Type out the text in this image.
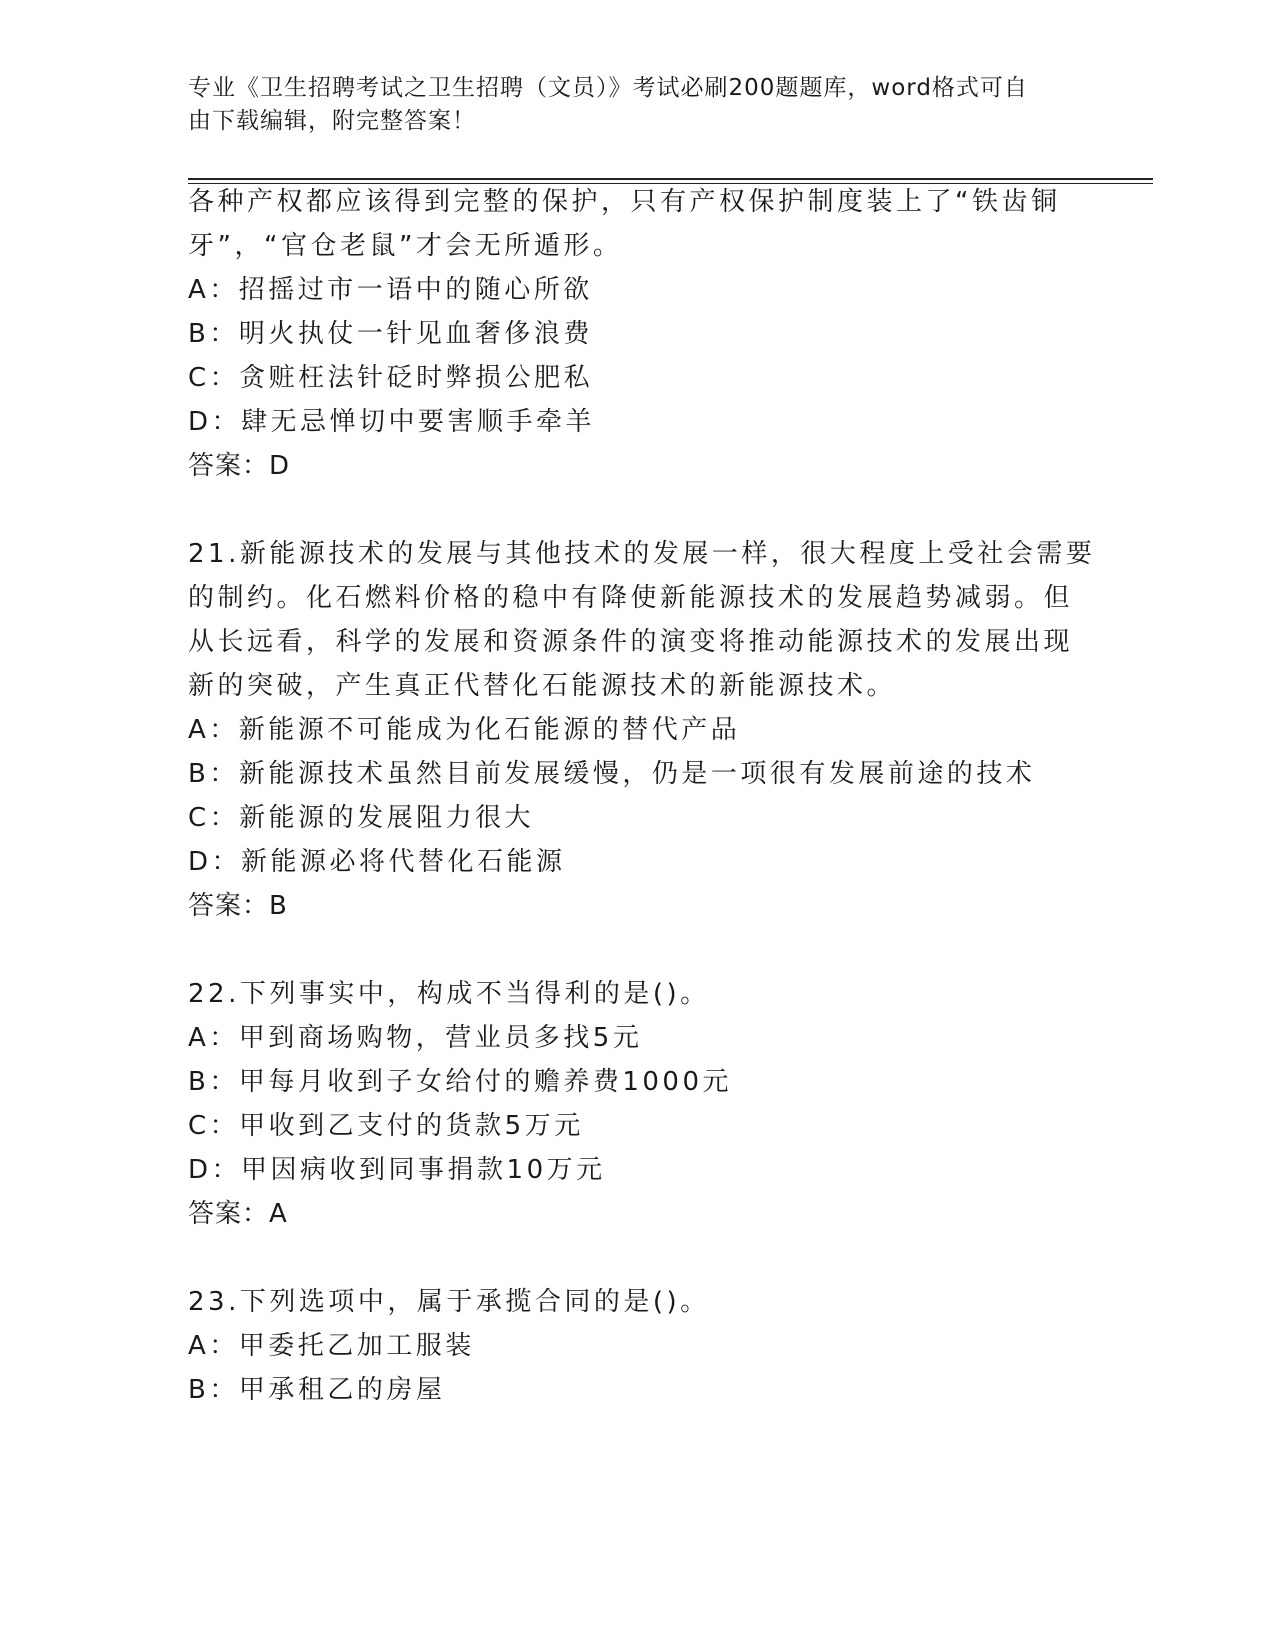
专业《卫生招聘考试之卫生招聘（文员）》考试必刷200题题库，word格式可自
由下载编辑，附完整答案！
各种产权都应该得到完整的保护，只有产权保护制度装上了“铁齿铜
牙”，“官仓老鼠”才会无所遁形。
A：招摇过市一语中的随心所欲
B：明火执仗一针见血奢侈浪费
C：贪赃枉法针砭时弊损公肥私
D：肆无忌惮切中要害顺手牵羊
答案：D
21.新能源技术的发展与其他技术的发展一样，很大程度上受社会需要
的制约。化石燃料价格的稳中有降使新能源技术的发展趋势减弱。但
从长远看，科学的发展和资源条件的演变将推动能源技术的发展出现
新的突破，产生真正代替化石能源技术的新能源技术。
A：新能源不可能成为化石能源的替代产品
B：新能源技术虽然目前发展缓慢，仍是一项很有发展前途的技术
C：新能源的发展阻力很大
D：新能源必将代替化石能源
答案：B
22.下列事实中，构成不当得利的是()。
A：甲到商场购物，营业员多找5元
B：甲每月收到子女给付的赡养费1000元
C：甲收到乙支付的货款5万元
D：甲因病收到同事捐款10万元
答案：A
23.下列选项中，属于承揽合同的是()。
A：甲委托乙加工服装
B：甲承租乙的房屋
